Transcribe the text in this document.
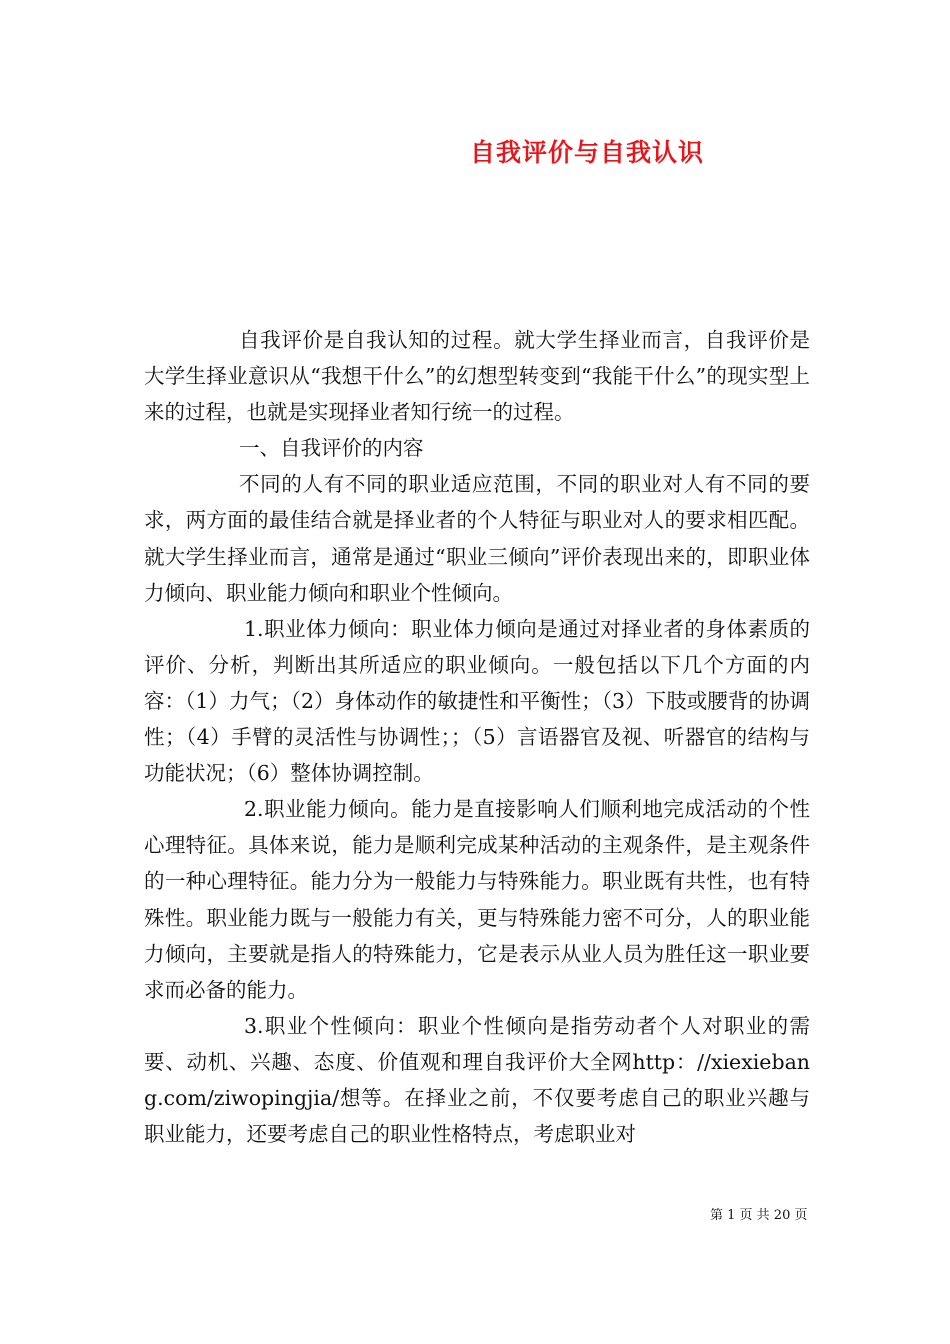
自我评价与自我认识

自我评价是自我认知的过程。就大学生择业而言，自我评价是大学生择业意识从“我想干什么”的幻想型转变到“我能干什么”的现实型上来的过程，也就是实现择业者知行统一的过程。

一、自我评价的内容

不同的人有不同的职业适应范围，不同的职业对人有不同的要求，两方面的最佳结合就是择业者的个人特征与职业对人的要求相匹配。就大学生择业而言，通常是通过“职业三倾向”评价表现出来的，即职业体力倾向、职业能力倾向和职业个性倾向。

1.职业体力倾向：职业体力倾向是通过对择业者的身体素质的评价、分析，判断出其所适应的职业倾向。一般包括以下几个方面的内容：（1）力气；（2）身体动作的敏捷性和平衡性；（3）下肢或腰背的协调性；（4）手臂的灵活性与协调性；；（5）言语器官及视、听器官的结构与功能状况；（6）整体协调控制。

2.职业能力倾向。能力是直接影响人们顺利地完成活动的个性心理特征。具体来说，能力是顺利完成某种活动的主观条件，是主观条件的一种心理特征。能力分为一般能力与特殊能力。职业既有共性，也有特殊性。职业能力既与一般能力有关，更与特殊能力密不可分，人的职业能力倾向，主要就是指人的特殊能力，它是表示从业人员为胜任这一职业要求而必备的能力。

3.职业个性倾向：职业个性倾向是指劳动者个人对职业的需要、动机、兴趣、态度、价值观和理自我评价大全网http：//xiexiebang.com/ziwopingjia/想等。在择业之前，不仅要考虑自己的职业兴趣与职业能力，还要考虑自己的职业性格特点，考虑职业对

第 1 页 共 20 页
